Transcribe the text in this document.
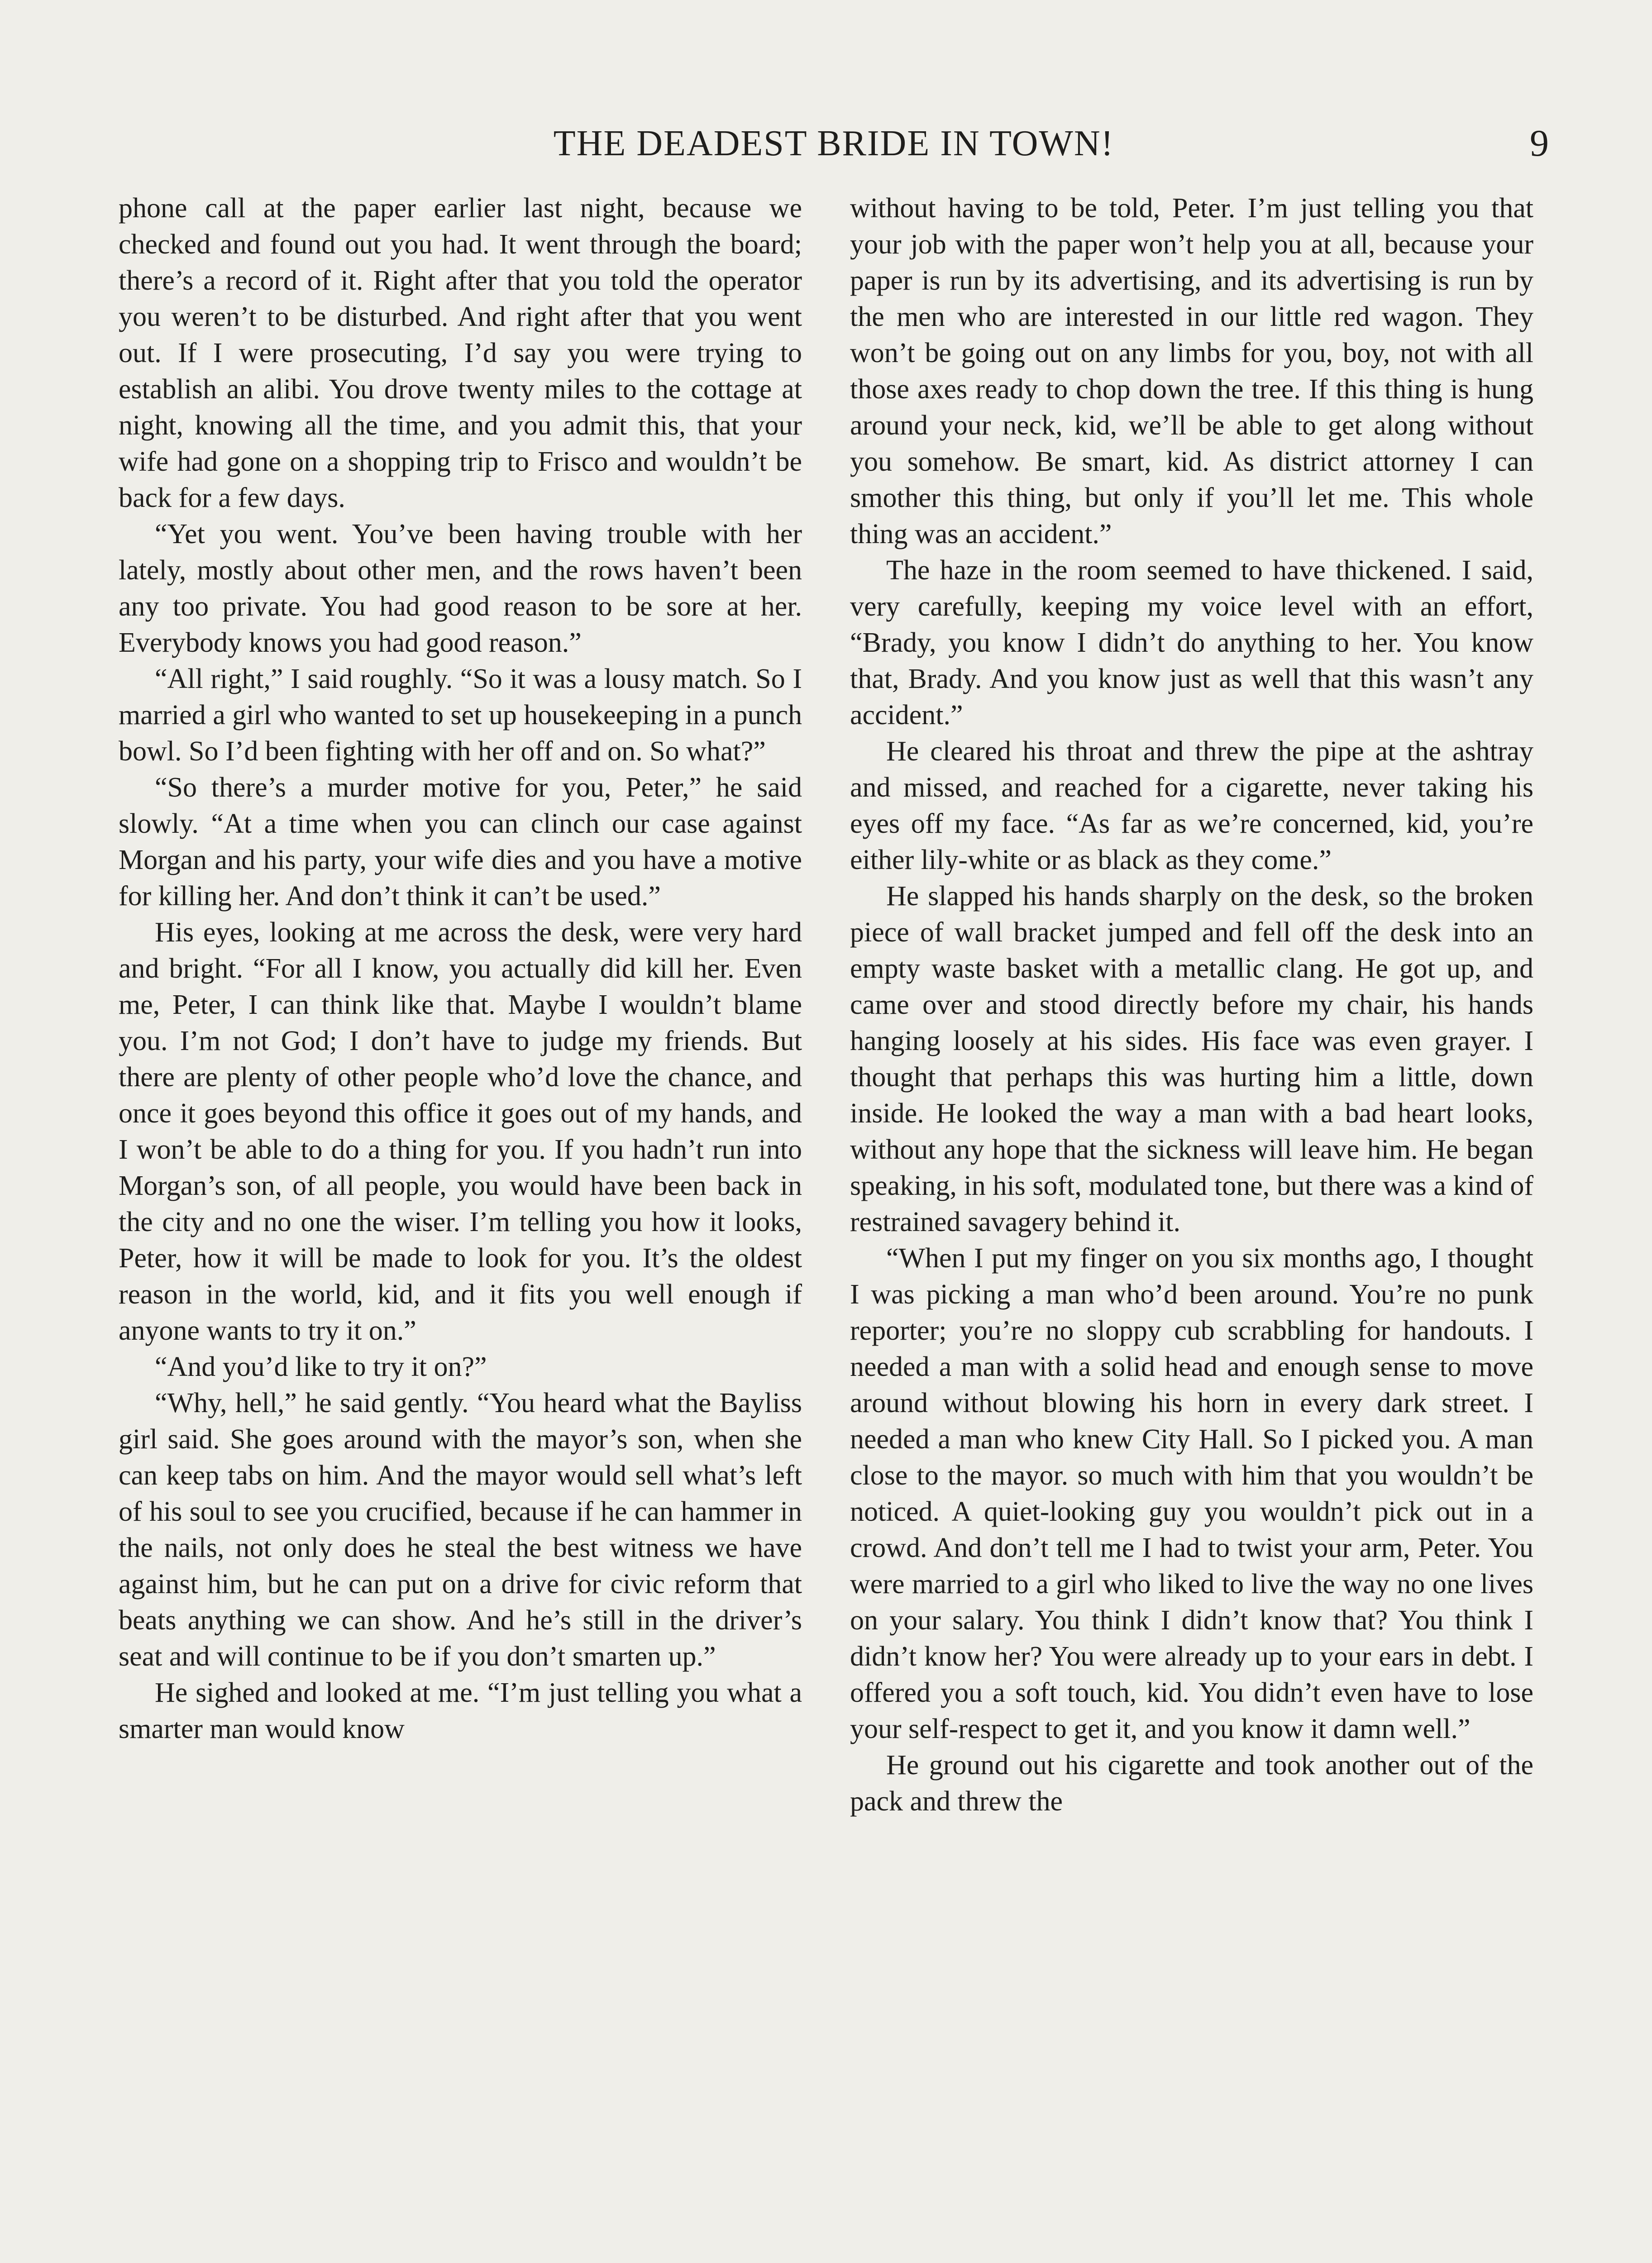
THE DEADEST BRIDE IN TOWN!	9

phone call at the paper earlier last night, because we checked and found out you had. It went through the board; there’s a record of it. Right after that you told the operator you weren’t to be disturbed. And right after that you went out. If I were prosecuting, I’d say you were trying to establish an alibi. You drove twenty miles to the cottage at night, knowing all the time, and you admit this, that your wife had gone on a shopping trip to Frisco and wouldn’t be back for a few days.

“Yet you went. You’ve been having trouble with her lately, mostly about other men, and the rows haven’t been any too private. You had good reason to be sore at her. Everybody knows you had good reason.”

“All right,” I said roughly. “So it was a lousy match. So I married a girl who wanted to set up housekeeping in a punch bowl. So I’d been fighting with her off and on. So what?”

“So there’s a murder motive for you, Peter,” he said slowly. “At a time when you can clinch our case against Morgan and his party, your wife dies and you have a motive for killing her. And don’t think it can’t be used.”

His eyes, looking at me across the desk, were very hard and bright. “For all I know, you actually did kill her. Even me, Peter, I can think like that. Maybe I wouldn’t blame you. I’m not God; I don’t have to judge my friends. But there are plenty of other people who’d love the chance, and once it goes beyond this office it goes out of my hands, and I won’t be able to do a thing for you. If you hadn’t run into Morgan’s son, of all people, you would have been back in the city and no one the wiser. I’m telling you how it looks, Peter, how it will be made to look for you. It’s the oldest reason in the world, kid, and it fits you well enough if anyone wants to try it on.”

“And you’d like to try it on?”

“Why, hell,” he said gently. “You heard what the Bayliss girl said. She goes around with the mayor’s son, when she can keep tabs on him. And the mayor would sell what’s left of his soul to see you crucified, because if he can hammer in the nails, not only does he steal the best witness we have against him, but he can put on a drive for civic reform that beats anything we can show. And he’s still in the driver’s seat and will continue to be if you don’t smarten up.”

He sighed and looked at me. “I’m just telling you what a smarter man would know

without having to be told, Peter. I’m just telling you that your job with the paper won’t help you at all, because your paper is run by its advertising, and its advertising is run by the men who are interested in our little red wagon. They won’t be going out on any limbs for you, boy, not with all those axes ready to chop down the tree. If this thing is hung around your neck, kid, we’ll be able to get along without you somehow. Be smart, kid. As district attorney I can smother this thing, but only if you’ll let me. This whole thing was an accident.”

The haze in the room seemed to have thickened. I said, very carefully, keeping my voice level with an effort, “Brady, you know I didn’t do anything to her. You know that, Brady. And you know just as well that this wasn’t any accident.”

He cleared his throat and threw the pipe at the ashtray and missed, and reached for a cigarette, never taking his eyes off my face. “As far as we’re concerned, kid, you’re either lily-white or as black as they come.”

He slapped his hands sharply on the desk, so the broken piece of wall bracket jumped and fell off the desk into an empty waste basket with a metallic clang. He got up, and came over and stood directly before my chair, his hands hanging loosely at his sides. His face was even grayer. I thought that perhaps this was hurting him a little, down inside. He looked the way a man with a bad heart looks, without any hope that the sickness will leave him. He began speaking, in his soft, modulated tone, but there was a kind of restrained savagery behind it.

“When I put my finger on you six months ago, I thought I was picking a man who’d been around. You’re no punk reporter; you’re no sloppy cub scrabbling for handouts. I needed a man with a solid head and enough sense to move around without blowing his horn in every dark street. I needed a man who knew City Hall. So I picked you. A man close to the mayor. so much with him that you wouldn’t be noticed. A quiet-looking guy you wouldn’t pick out in a crowd. And don’t tell me I had to twist your arm, Peter. You were married to a girl who liked to live the way no one lives on your salary. You think I didn’t know that? You think I didn’t know her? You were already up to your ears in debt. I offered you a soft touch, kid. You didn’t even have to lose your self-respect to get it, and you know it damn well.”

He ground out his cigarette and took another out of the pack and threw the
